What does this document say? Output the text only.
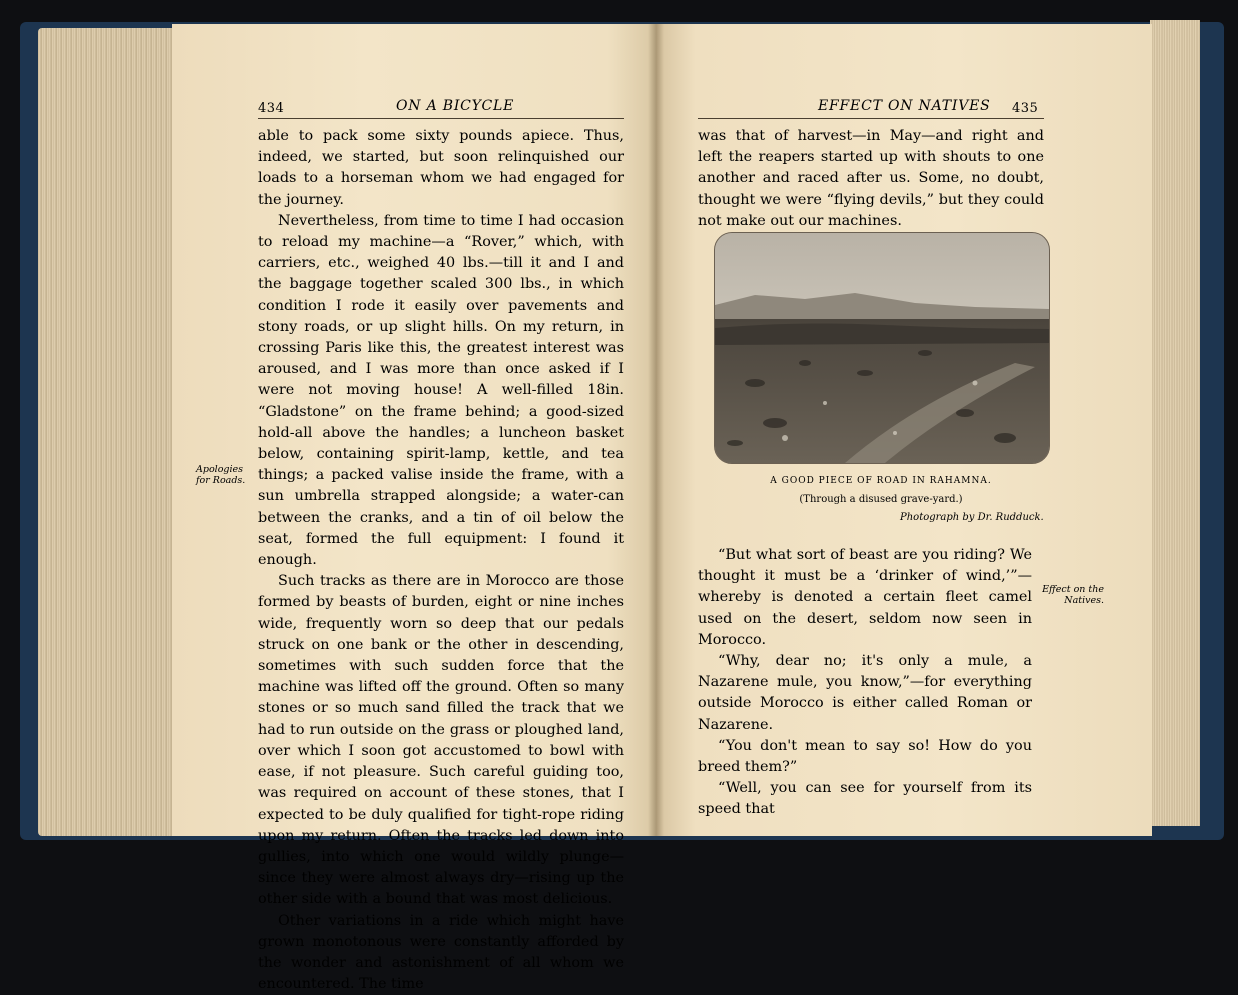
434	ON A BICYCLE

able to pack some sixty pounds apiece. Thus, indeed, we started, but soon relinquished our loads to a horseman whom we had engaged for the journey.

Nevertheless, from time to time I had occasion to reload my machine—a “Rover,” which, with carriers, etc., weighed 40 lbs.—till it and I and the baggage together scaled 300 lbs., in which condition I rode it easily over pavements and stony roads, or up slight hills. On my return, in crossing Paris like this, the greatest interest was aroused, and I was more than once asked if I were not moving house! A well-filled 18in. “Gladstone” on the frame behind; a good-sized hold-all above the handles; a luncheon basket below, containing spirit-lamp, kettle, and tea things; a packed valise inside the frame, with a sun umbrella strapped alongside; a water-can between the cranks, and a tin of oil below the seat, formed the full equipment: I found it enough.

Such tracks as there are in Morocco are those formed by beasts of burden, eight or nine inches wide, frequently worn so deep that our pedals struck on one bank or the other in descending, sometimes with such sudden force that the machine was lifted off the ground. Often so many stones or so much sand filled the track that we had to run outside on the grass or ploughed land, over which I soon got accustomed to bowl with ease, if not pleasure. Such careful guiding too, was required on account of these stones, that I expected to be duly qualified for tight-rope riding upon my return. Often the tracks led down into gullies, into which one would wildly plunge—since they were almost always dry—rising up the other side with a bound that was most delicious.

Other variations in a ride which might have grown monotonous were constantly afforded by the wonder and astonishment of all whom we encountered. The time

Apologies for Roads.
EFFECT ON NATIVES 435

was that of harvest—in May—and right and left the reapers started up with shouts to one another and raced after us. Some, no doubt, thought we were “flying devils,” but they could not make out our machines.

A GOOD PIECE OF ROAD IN RAHAMNA.
(Through a disused grave-yard.)
Photograph by Dr. Rudduck.

“But what sort of beast are you riding? We thought it must be a ‘drinker of wind,’”—whereby is denoted a certain fleet camel used on the desert, seldom now seen in Morocco.

“Why, dear no; it's only a mule, a Nazarene mule, you know,”—for everything outside Morocco is either called Roman or Nazarene.

“You don't mean to say so! How do you breed them?”

“Well, you can see for yourself from its speed that

Effect on the Natives.
